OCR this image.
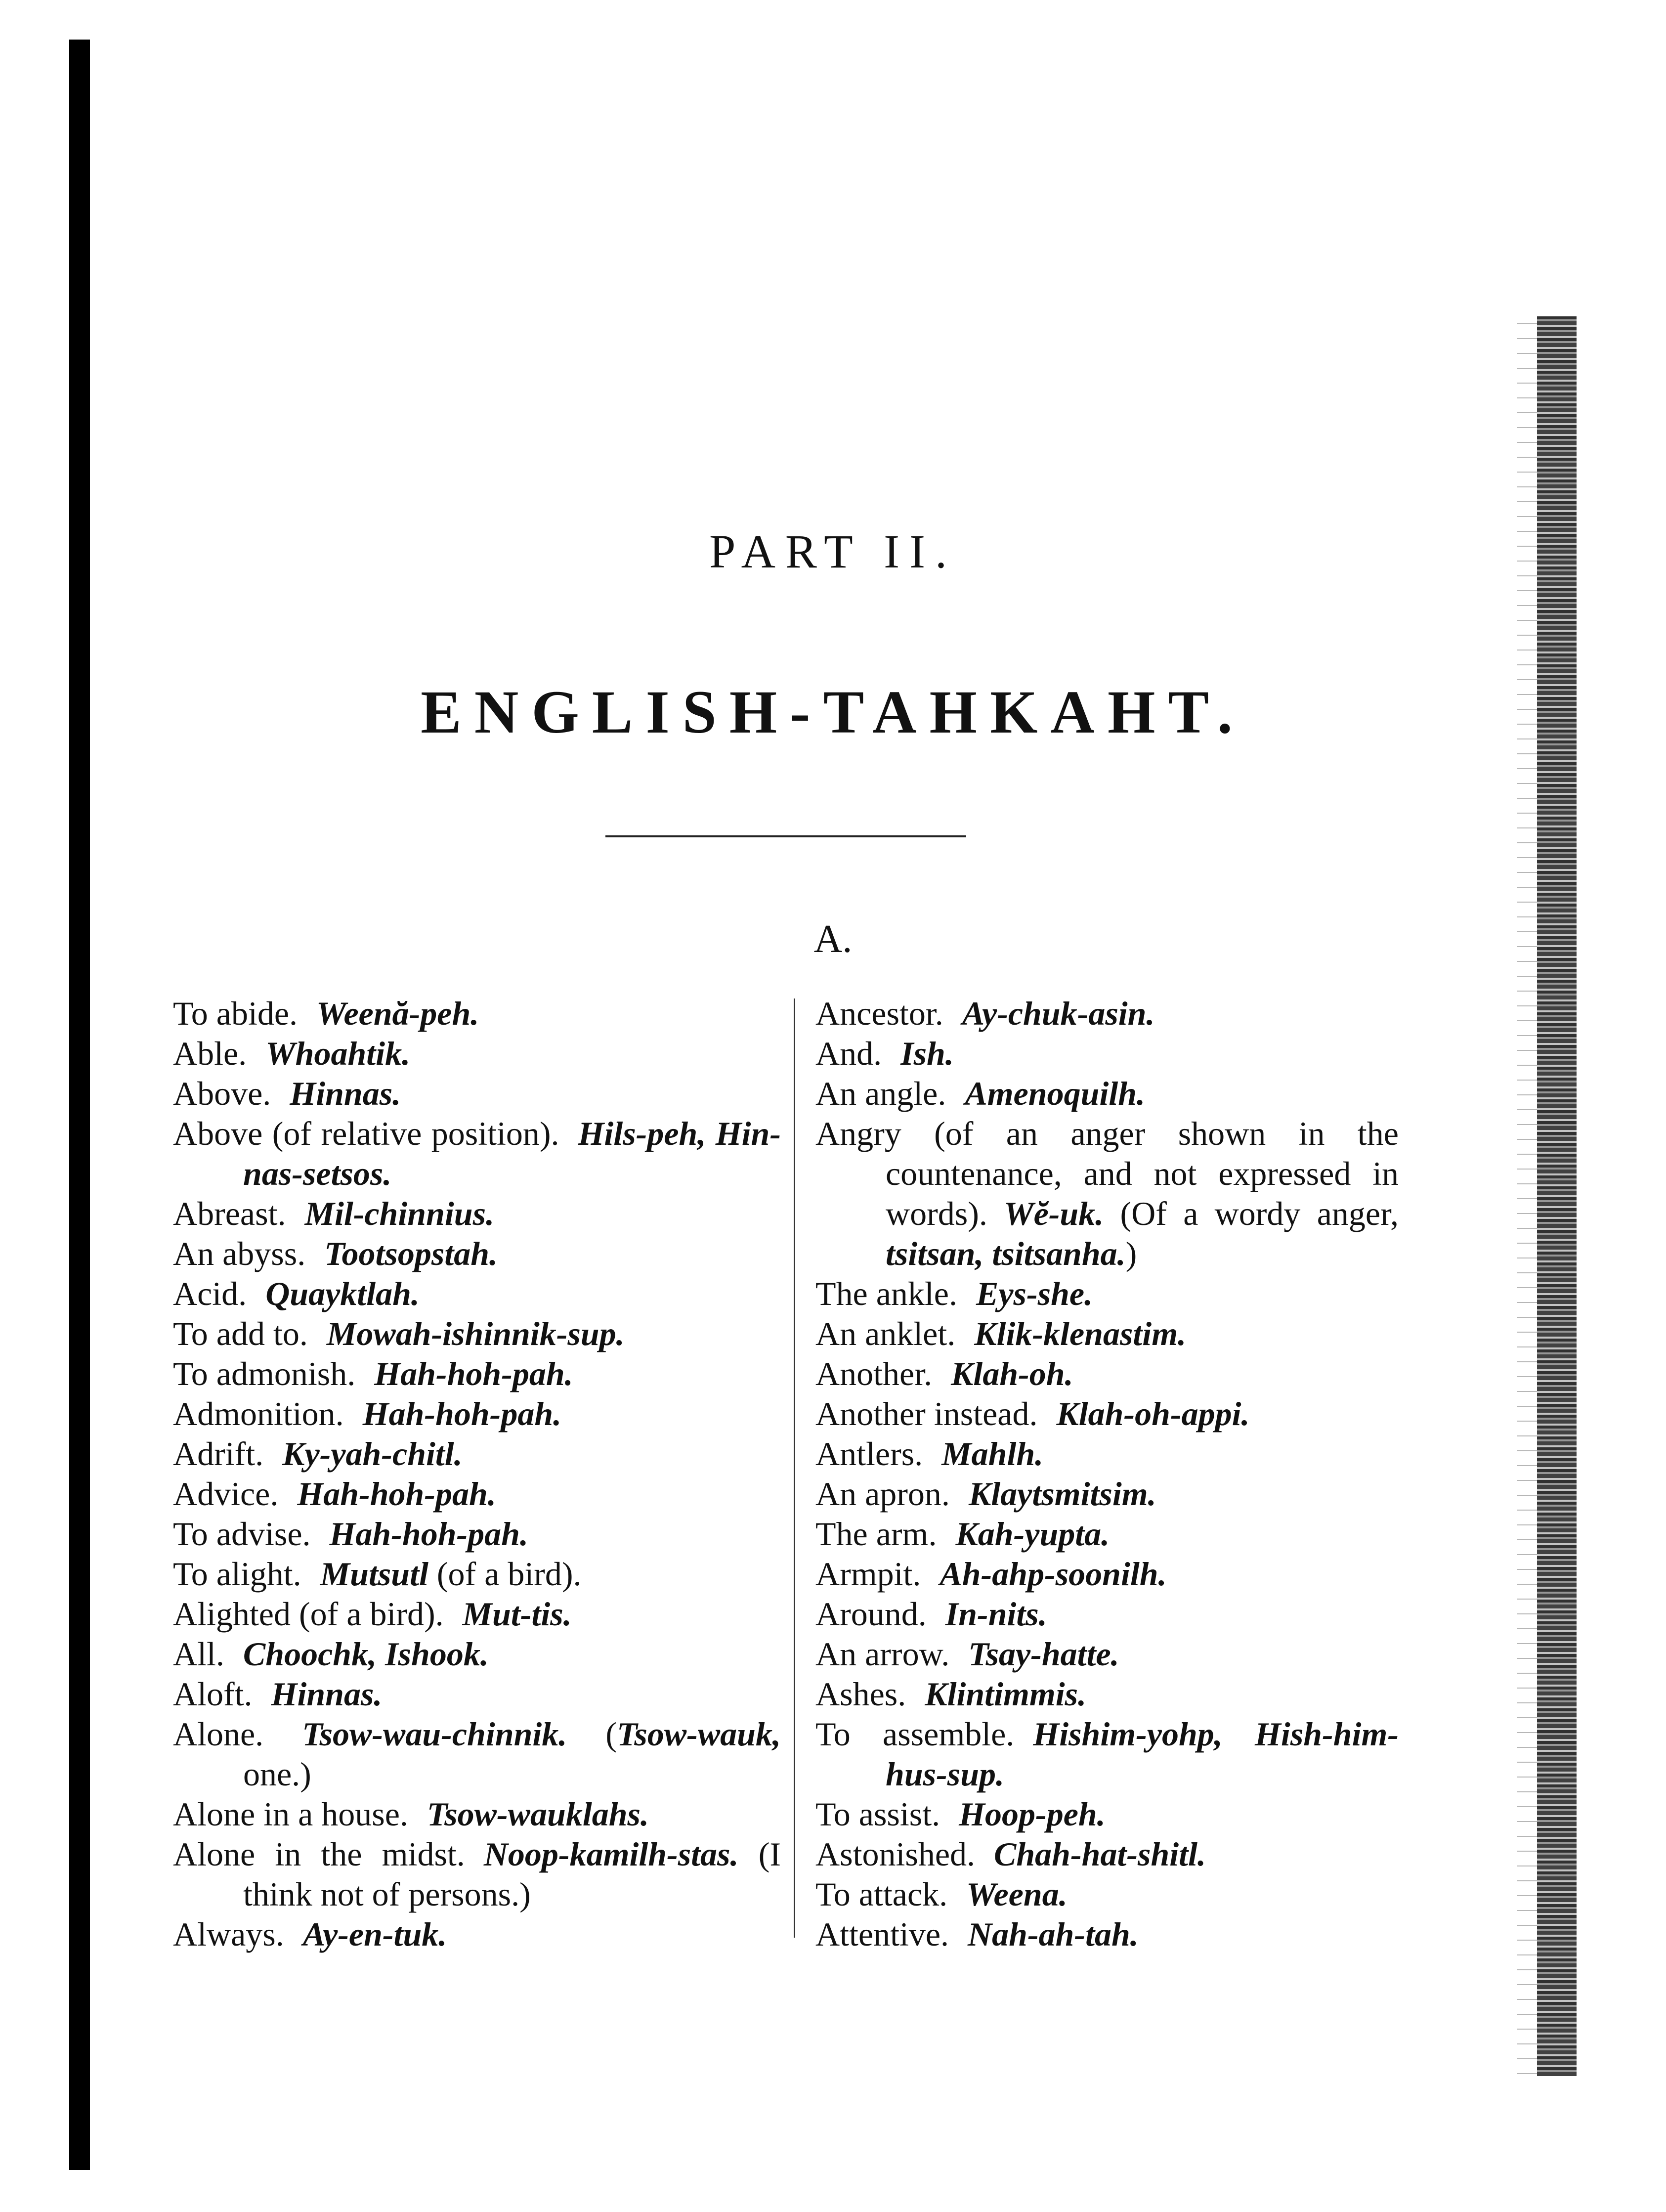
PART II.
ENGLISH-TAHKAHT.
A.

To abide. Weenă-peh.

Able. Whoahtik.

Above. Hinnas.

Above (of relative position). Hils-peh, Hin-nas-setsos.

Abreast. Mil-chinnius.

An abyss. Tootsopstah.

Acid. Quayktlah.

To add to. Mowah-ishinnik-sup.

To admonish. Hah-hoh-pah.

Admonition. Hah-hoh-pah.

Adrift. Ky-yah-chitl.

Advice. Hah-hoh-pah.

To advise. Hah-hoh-pah.

To alight. Mutsutl (of a bird).

Alighted (of a bird). Mut-tis.

All. Choochk, Ishook.

Aloft. Hinnas.

Alone. Tsow-wau-chinnik. (Tsow-wauk, one.)

Alone in a house. Tsow-wauklahs.

Alone in the midst. Noop-kamilh-stas. (I think not of persons.)

Always. Ay-en-tuk.

Ancestor. Ay-chuk-asin.

And. Ish.

An angle. Amenoquilh.

Angry (of an anger shown in the countenance, and not expressed in words). Wĕ-uk. (Of a wordy anger, tsitsan, tsitsanha.)

The ankle. Eys-she.

An anklet. Klik-klenastim.

Another. Klah-oh.

Another instead. Klah-oh-appi.

Antlers. Mahlh.

An apron. Klaytsmitsim.

The arm. Kah-yupta.

Armpit. Ah-ahp-soonilh.

Around. In-nits.

An arrow. Tsay-hatte.

Ashes. Klintimmis.

To assemble. Hishim-yohp, Hish-him-hus-sup.

To assist. Hoop-peh.

Astonished. Chah-hat-shitl.

To attack. Weena.

Attentive. Nah-ah-tah.
